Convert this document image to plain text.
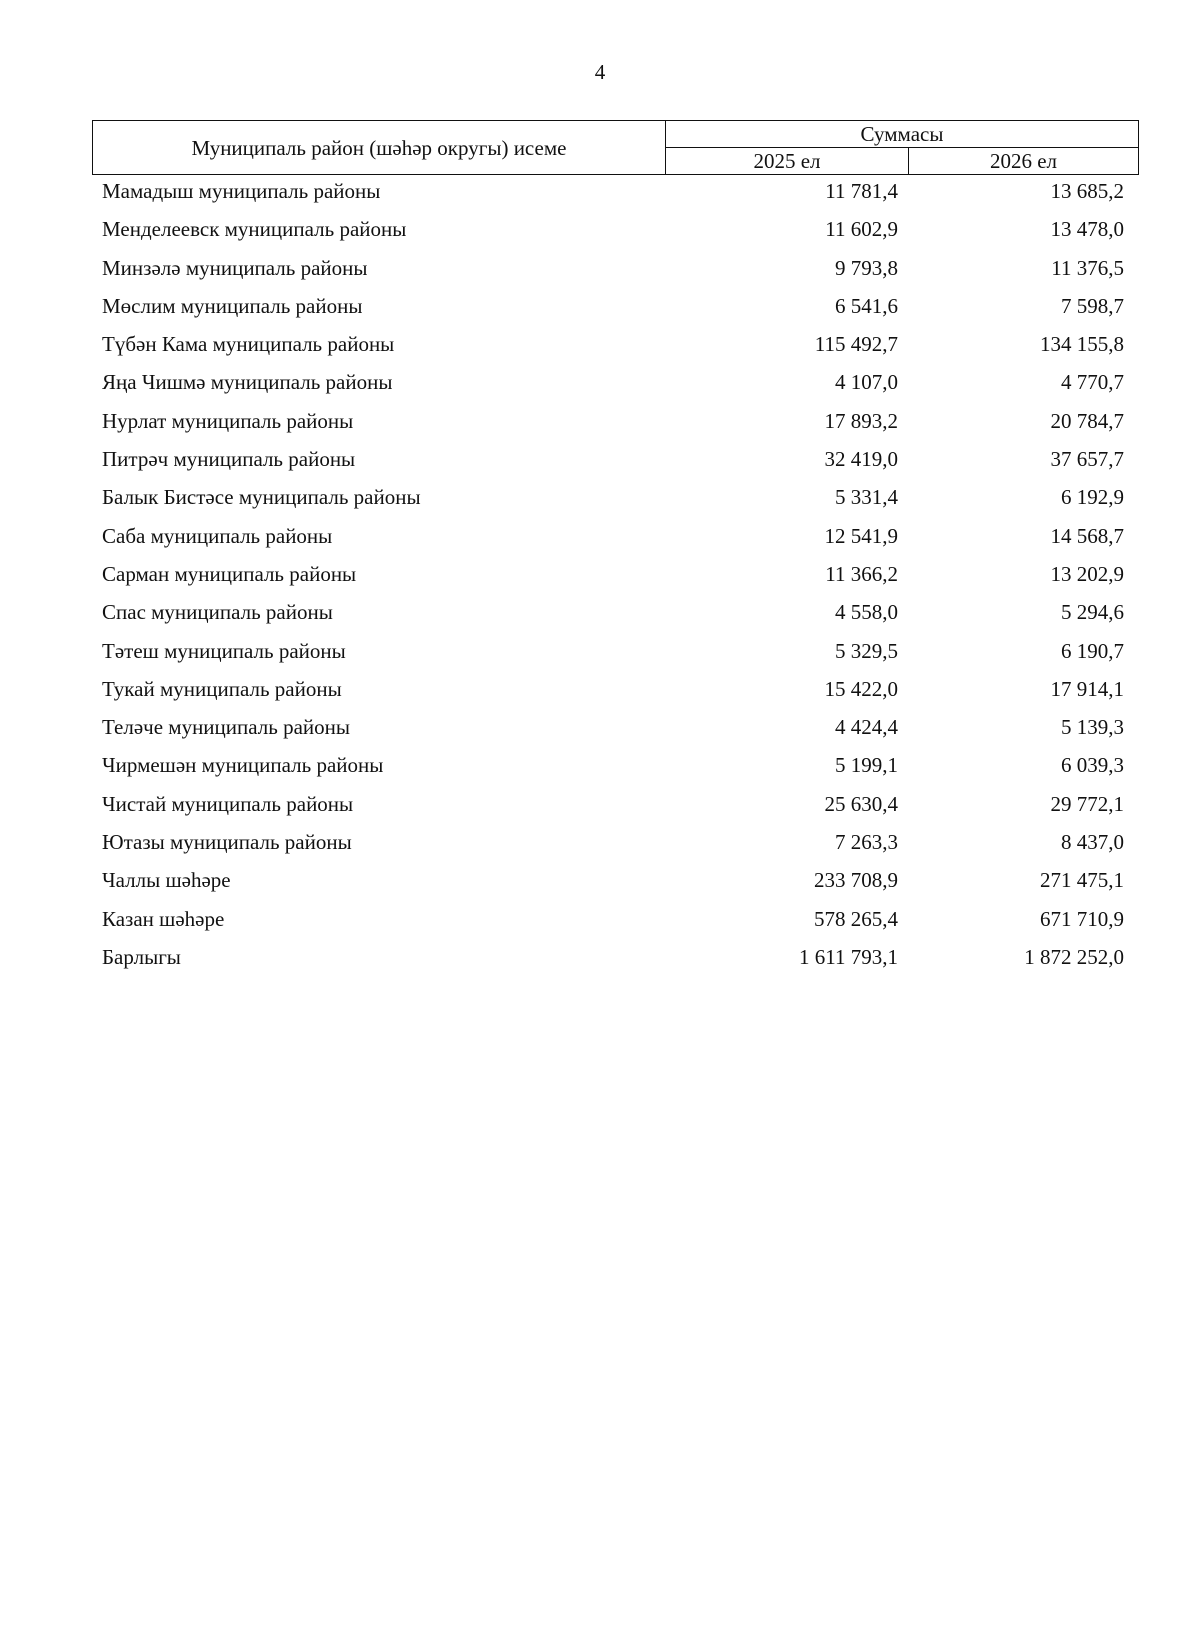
4
Муниципаль район (шәһәр округы) исеме	Суммасы	
	2025 ел	2026 ел
Мамадыш муниципаль районы	11 781,4	13 685,2
Менделеевск муниципаль районы	11 602,9	13 478,0
Минзәлә муниципаль районы	9 793,8	11 376,5
Мөслим муниципаль районы	6 541,6	7 598,7
Түбән Кама муниципаль районы	115 492,7	134 155,8
Яңа Чишмә муниципаль районы	4 107,0	4 770,7
Нурлат муниципаль районы	17 893,2	20 784,7
Питрәч муниципаль районы	32 419,0	37 657,7
Балык Бистәсе муниципаль районы	5 331,4	6 192,9
Саба муниципаль районы	12 541,9	14 568,7
Сарман муниципаль районы	11 366,2	13 202,9
Спас муниципаль районы	4 558,0	5 294,6
Тәтеш муниципаль районы	5 329,5	6 190,7
Тукай муниципаль районы	15 422,0	17 914,1
Теләче муниципаль районы	4 424,4	5 139,3
Чирмешән муниципаль районы	5 199,1	6 039,3
Чистай муниципаль районы	25 630,4	29 772,1
Ютазы муниципаль районы	7 263,3	8 437,0
Чаллы шәһәре	233 708,9	271 475,1
Казан шәһәре	578 265,4	671 710,9
Барлыгы	1 611 793,1	1 872 252,0
